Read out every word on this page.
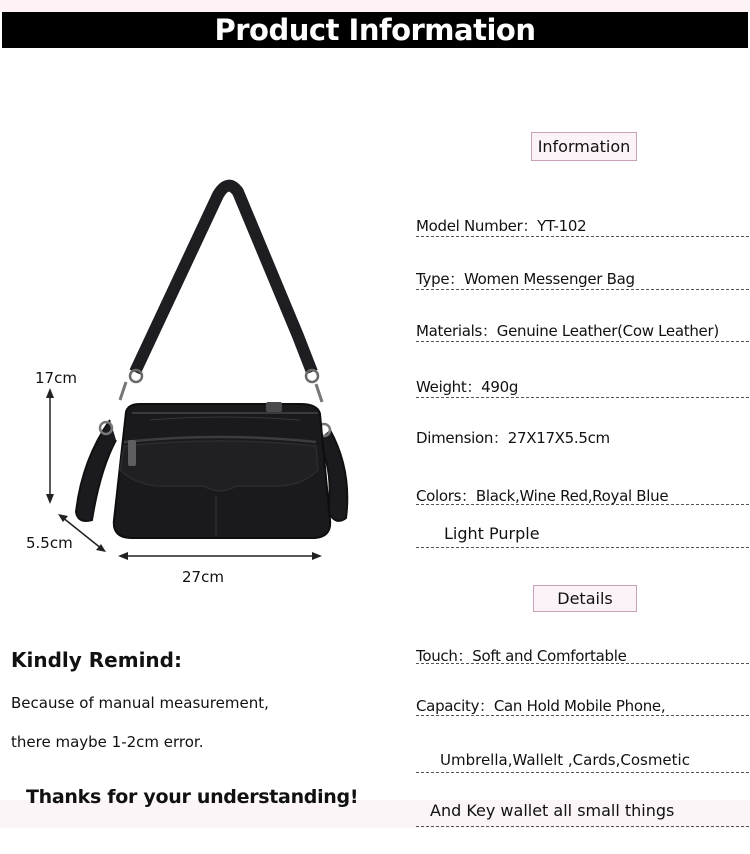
Product Information
17cm
5.5cm
27cm
Information
Model Number：YT-102
Type：Women Messenger Bag
Materials：Genuine Leather(Cow Leather)
Weight：490g
Dimension：27X17X5.5cm
Colors：Black,Wine Red,Royal Blue
Light Purple
Details
Touch：Soft and Comfortable
Capacity：Can Hold Mobile Phone,
Umbrella,Wallelt ,Cards,Cosmetic
And Key wallet all small things
Kindly Remind:
Because of manual measurement,
there maybe 1-2cm error.
Thanks for your understanding!
